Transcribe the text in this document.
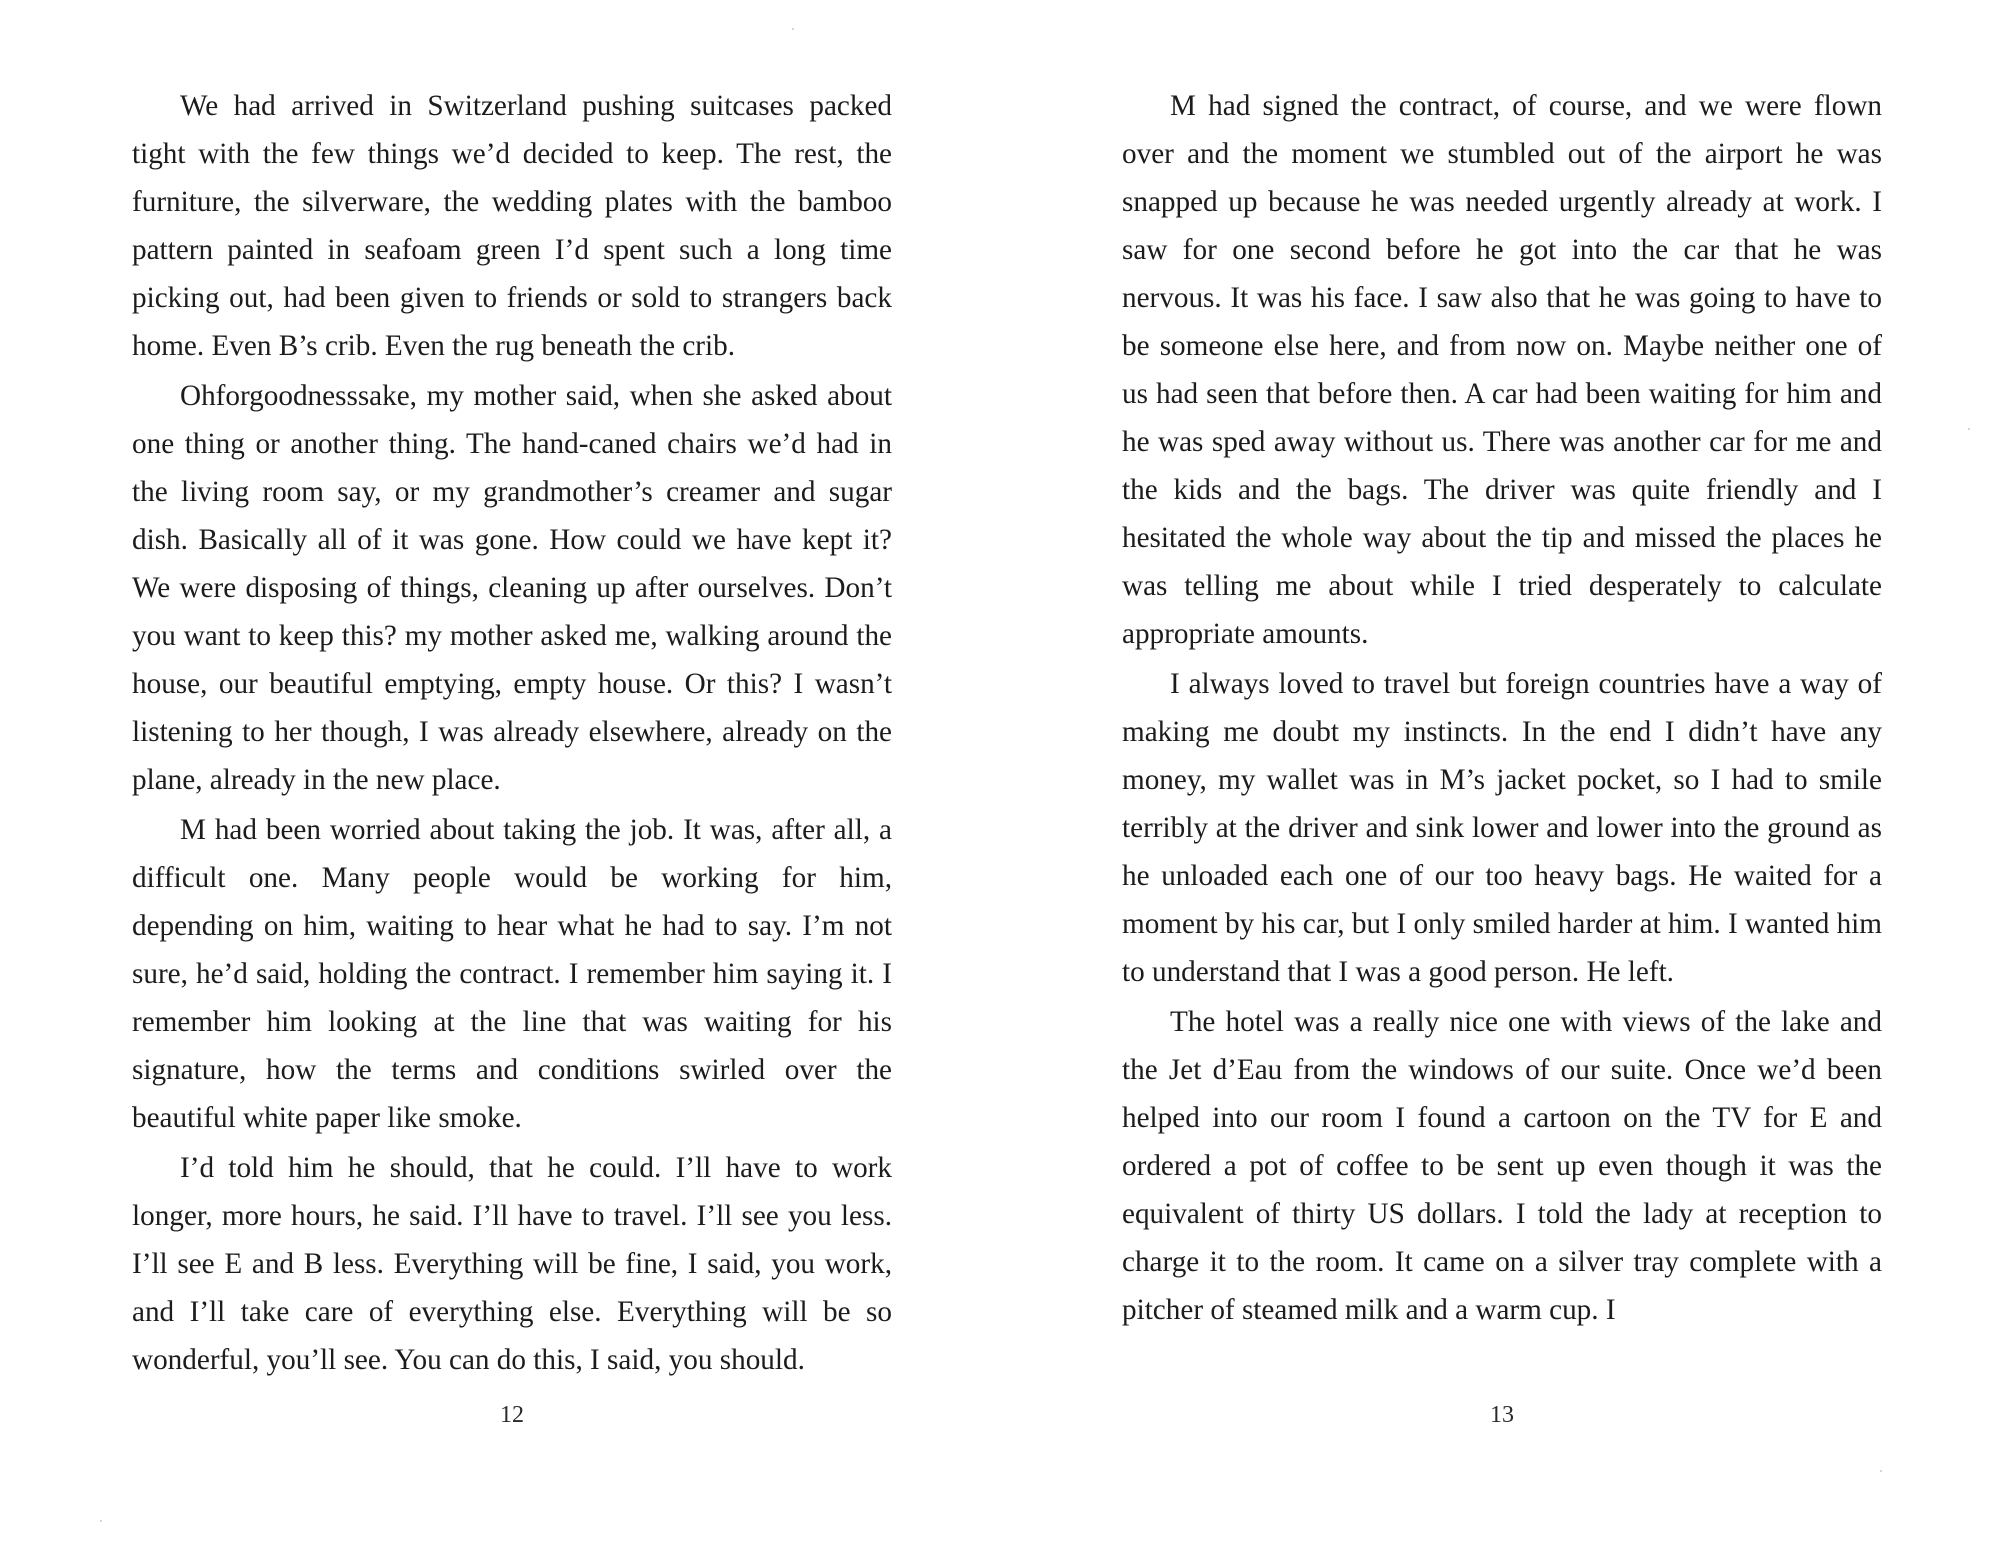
We had arrived in Switzerland pushing suitcases packed tight with the few things we’d decided to keep. The rest, the furniture, the silverware, the wedding plates with the bamboo pattern painted in seafoam green I’d spent such a long time picking out, had been given to friends or sold to strangers back home. Even B’s crib. Even the rug beneath the crib.

Ohforgoodnesssake, my mother said, when she asked about one thing or another thing. The hand-caned chairs we’d had in the living room say, or my grandmother’s creamer and sugar dish. Basically all of it was gone. How could we have kept it? We were disposing of things, cleaning up after ourselves. Don’t you want to keep this? my mother asked me, walking around the house, our beautiful emptying, empty house. Or this? I wasn’t listening to her though, I was already elsewhere, already on the plane, already in the new place.

M had been worried about taking the job. It was, after all, a difficult one. Many people would be working for him, depending on him, waiting to hear what he had to say. I’m not sure, he’d said, holding the contract. I remember him saying it. I remember him looking at the line that was waiting for his signature, how the terms and conditions swirled over the beautiful white paper like smoke.

I’d told him he should, that he could. I’ll have to work longer, more hours, he said. I’ll have to travel. I’ll see you less. I’ll see E and B less. Everything will be fine, I said, you work, and I’ll take care of everything else. Everything will be so wonderful, you’ll see. You can do this, I said, you should.

12

M had signed the contract, of course, and we were flown over and the moment we stumbled out of the airport he was snapped up because he was needed urgently already at work. I saw for one second before he got into the car that he was nervous. It was his face. I saw also that he was going to have to be someone else here, and from now on. Maybe neither one of us had seen that before then. A car had been waiting for him and he was sped away without us. There was another car for me and the kids and the bags. The driver was quite friendly and I hesitated the whole way about the tip and missed the places he was telling me about while I tried desperately to calculate appropriate amounts.

I always loved to travel but foreign countries have a way of making me doubt my instincts. In the end I didn’t have any money, my wallet was in M’s jacket pocket, so I had to smile terribly at the driver and sink lower and lower into the ground as he unloaded each one of our too heavy bags. He waited for a moment by his car, but I only smiled harder at him. I wanted him to understand that I was a good person. He left.

The hotel was a really nice one with views of the lake and the Jet d’Eau from the windows of our suite. Once we’d been helped into our room I found a cartoon on the TV for E and ordered a pot of coffee to be sent up even though it was the equivalent of thirty US dollars. I told the lady at reception to charge it to the room. It came on a silver tray complete with a pitcher of steamed milk and a warm cup. I

13
